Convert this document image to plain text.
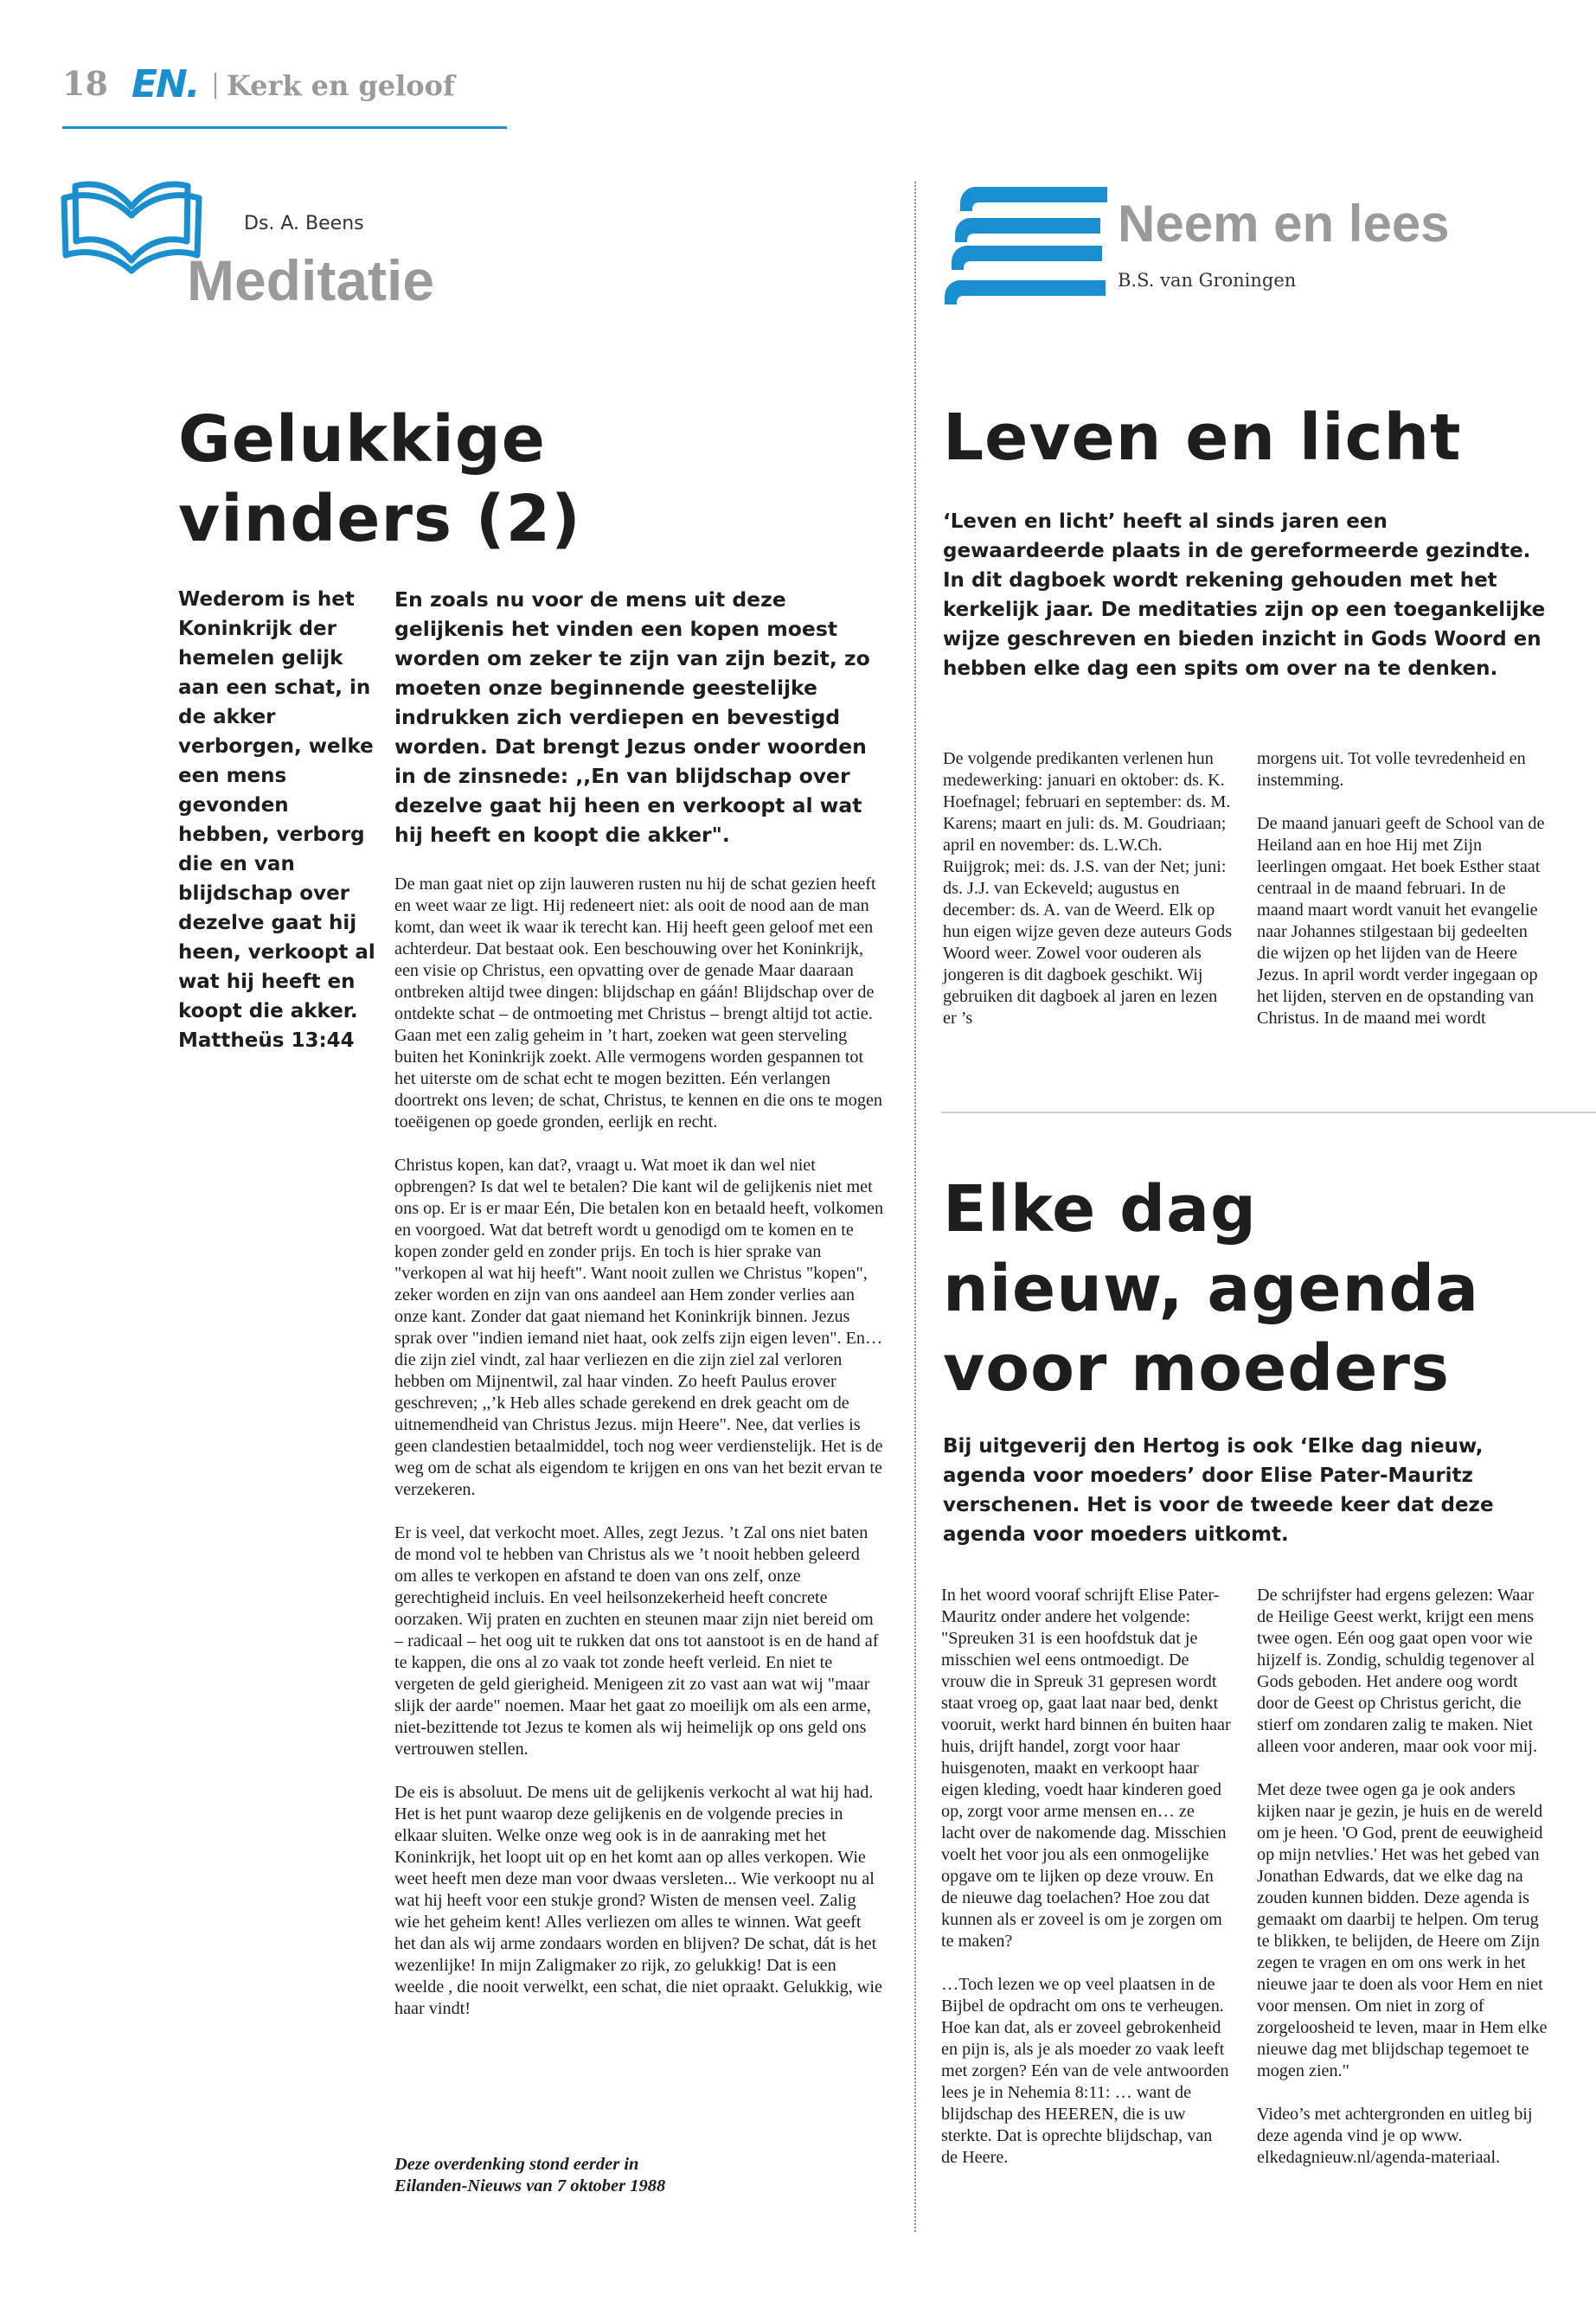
18 EN. Kerk en geloof
Ds. A. Beens
Meditatie
Gelukkige
vinders (2)
Wederom is het Koninkrijk der hemelen gelijk aan een schat, in de akker verborgen, welke een mens gevonden hebben, verborg die en van blijdschap over dezelve gaat hij heen, verkoopt al wat hij heeft en koopt die akker. Mattheüs 13:44
En zoals nu voor de mens uit deze gelijkenis het vinden een kopen moest worden om zeker te zijn van zijn bezit, zo moeten onze beginnende geestelijke indrukken zich verdiepen en bevestigd worden. Dat brengt Jezus onder woorden in de zinsnede: ,,En van blijdschap over dezelve gaat hij heen en verkoopt al wat hij heeft en koopt die akker".

De man gaat niet op zijn lauweren rusten nu hij de schat gezien heeft en weet waar ze ligt. Hij redeneert niet: als ooit de nood aan de man komt, dan weet ik waar ik terecht kan. Hij heeft geen geloof met een achterdeur. Dat bestaat ook. Een beschouwing over het Koninkrijk, een visie op Christus, een opvatting over de genade Maar daaraan ontbreken altijd twee dingen: blijdschap en gáán! Blijdschap over de ontdekte schat – de ontmoeting met Christus – brengt altijd tot actie. Gaan met een zalig geheim in ’t hart, zoeken wat geen sterveling buiten het Koninkrijk zoekt. Alle vermogens worden gespannen tot het uiterste om de schat echt te mogen bezitten. Eén verlangen doortrekt ons leven; de schat, Christus, te kennen en die ons te mogen toeëigenen op goede gronden, eerlijk en recht.

Christus kopen, kan dat?, vraagt u. Wat moet ik dan wel niet opbrengen? Is dat wel te betalen? Die kant wil de gelijkenis niet met ons op. Er is er maar Eén, Die betalen kon en betaald heeft, volkomen en voorgoed. Wat dat betreft wordt u genodigd om te komen en te kopen zonder geld en zonder prijs. En toch is hier sprake van "verkopen al wat hij heeft". Want nooit zullen we Christus "kopen", zeker worden en zijn van ons aandeel aan Hem zonder verlies aan onze kant. Zonder dat gaat niemand het Koninkrijk binnen. Jezus sprak over "indien iemand niet haat, ook zelfs zijn eigen leven". En… die zijn ziel vindt, zal haar verliezen en die zijn ziel zal verloren hebben om Mijnentwil, zal haar vinden. Zo heeft Paulus erover geschreven; ,,’k Heb alles schade gerekend en drek geacht om de uitnemendheid van Christus Jezus. mijn Heere". Nee, dat verlies is geen clandestien betaalmiddel, toch nog weer verdienstelijk. Het is de weg om de schat als eigendom te krijgen en ons van het bezit ervan te verzekeren.

Er is veel, dat verkocht moet. Alles, zegt Jezus. ’t Zal ons niet baten de mond vol te hebben van Christus als we ’t nooit hebben geleerd om alles te verkopen en afstand te doen van ons zelf, onze gerechtigheid incluis. En veel heilsonzekerheid heeft concrete oorzaken. Wij praten en zuchten en steunen maar zijn niet bereid om – radicaal – het oog uit te rukken dat ons tot aanstoot is en de hand af te kappen, die ons al zo vaak tot zonde heeft verleid. En niet te vergeten de geld gierigheid. Menigeen zit zo vast aan wat wij "maar slijk der aarde" noemen. Maar het gaat zo moeilijk om als een arme, niet-bezittende tot Jezus te komen als wij heimelijk op ons geld ons vertrouwen stellen.

De eis is absoluut. De mens uit de gelijkenis verkocht al wat hij had. Het is het punt waarop deze gelijkenis en de volgende precies in elkaar sluiten. Welke onze weg ook is in de aanraking met het Koninkrijk, het loopt uit op en het komt aan op alles verkopen. Wie weet heeft men deze man voor dwaas versleten... Wie verkoopt nu al wat hij heeft voor een stukje grond? Wisten de mensen veel. Zalig wie het geheim kent! Alles verliezen om alles te winnen. Wat geeft het dan als wij arme zondaars worden en blijven? De schat, dát is het wezenlijke! In mijn Zaligmaker zo rijk, zo gelukkig! Dat is een weelde , die nooit verwelkt, een schat, die niet opraakt. Gelukkig, wie haar vindt!

Deze overdenking stond eerder in
Eilanden-Nieuws van 7 oktober 1988
Neem en lees
B.S. van Groningen
Leven en licht
‘Leven en licht’ heeft al sinds jaren een gewaardeerde plaats in de gereformeerde gezindte. In dit dagboek wordt rekening gehouden met het kerkelijk jaar. De meditaties zijn op een toegankelijke wijze geschreven en bieden inzicht in Gods Woord en hebben elke dag een spits om over na te denken.

De volgende predikanten verlenen hun medewerking: januari en oktober: ds. K. Hoefnagel; februari en september: ds. M. Karens; maart en juli: ds. M. Goudriaan; april en november: ds. L.W.Ch. Ruijgrok; mei: ds. J.S. van der Net; juni: ds. J.J. van Eckeveld; augustus en december: ds. A. van de Weerd. Elk op hun eigen wijze geven deze auteurs Gods Woord weer. Zowel voor ouderen als jongeren is dit dagboek geschikt. Wij gebruiken dit dagboek al jaren en lezen er ’s

morgens uit. Tot volle tevredenheid en instemming.

De maand januari geeft de School van de Heiland aan en hoe Hij met Zijn leerlingen omgaat. Het boek Esther staat centraal in de maand februari. In de maand maart wordt vanuit het evangelie naar Johannes stilgestaan bij gedeelten die wijzen op het lijden van de Heere Jezus. In april wordt verder ingegaan op het lijden, sterven en de opstanding van Christus. In de maand mei wordt

Elke dag
nieuw, agenda
voor moeders
Bij uitgeverij den Hertog is ook ‘Elke dag nieuw, agenda voor moeders’ door Elise Pater-Mauritz verschenen. Het is voor de tweede keer dat deze agenda voor moeders uitkomt.

In het woord vooraf schrijft Elise Pater-Mauritz onder andere het volgende: "Spreuken 31 is een hoofdstuk dat je misschien wel eens ontmoedigt. De vrouw die in Spreuk 31 gepresen wordt staat vroeg op, gaat laat naar bed, denkt vooruit, werkt hard binnen én buiten haar huis, drijft handel, zorgt voor haar huisgenoten, maakt en verkoopt haar eigen kleding, voedt haar kinderen goed op, zorgt voor arme mensen en… ze lacht over de nakomende dag. Misschien voelt het voor jou als een onmogelijke opgave om te lijken op deze vrouw. En de nieuwe dag toelachen? Hoe zou dat kunnen als er zoveel is om je zorgen om te maken?

…Toch lezen we op veel plaatsen in de Bijbel de opdracht om ons te verheugen. Hoe kan dat, als er zoveel gebrokenheid en pijn is, als je als moeder zo vaak leeft met zorgen? Eén van de vele antwoorden lees je in Nehemia 8:11: … want de blijdschap des HEEREN, die is uw sterkte. Dat is oprechte blijdschap, van de Heere.

De schrijfster had ergens gelezen: Waar de Heilige Geest werkt, krijgt een mens twee ogen. Eén oog gaat open voor wie hijzelf is. Zondig, schuldig tegenover al Gods geboden. Het andere oog wordt door de Geest op Christus gericht, die stierf om zondaren zalig te maken. Niet alleen voor anderen, maar ook voor mij.

Met deze twee ogen ga je ook anders kijken naar je gezin, je huis en de wereld om je heen. 'O God, prent de eeuwigheid op mijn netvlies.' Het was het gebed van Jonathan Edwards, dat we elke dag na zouden kunnen bidden. Deze agenda is gemaakt om daarbij te helpen. Om terug te blikken, te belijden, de Heere om Zijn zegen te vragen en om ons werk in het nieuwe jaar te doen als voor Hem en niet voor mensen. Om niet in zorg of zorgeloosheid te leven, maar in Hem elke nieuwe dag met blijdschap tegemoet te mogen zien."

Video’s met achtergronden en uitleg bij deze agenda vind je op www. elkedagnieuw.nl/agenda-materiaal.
